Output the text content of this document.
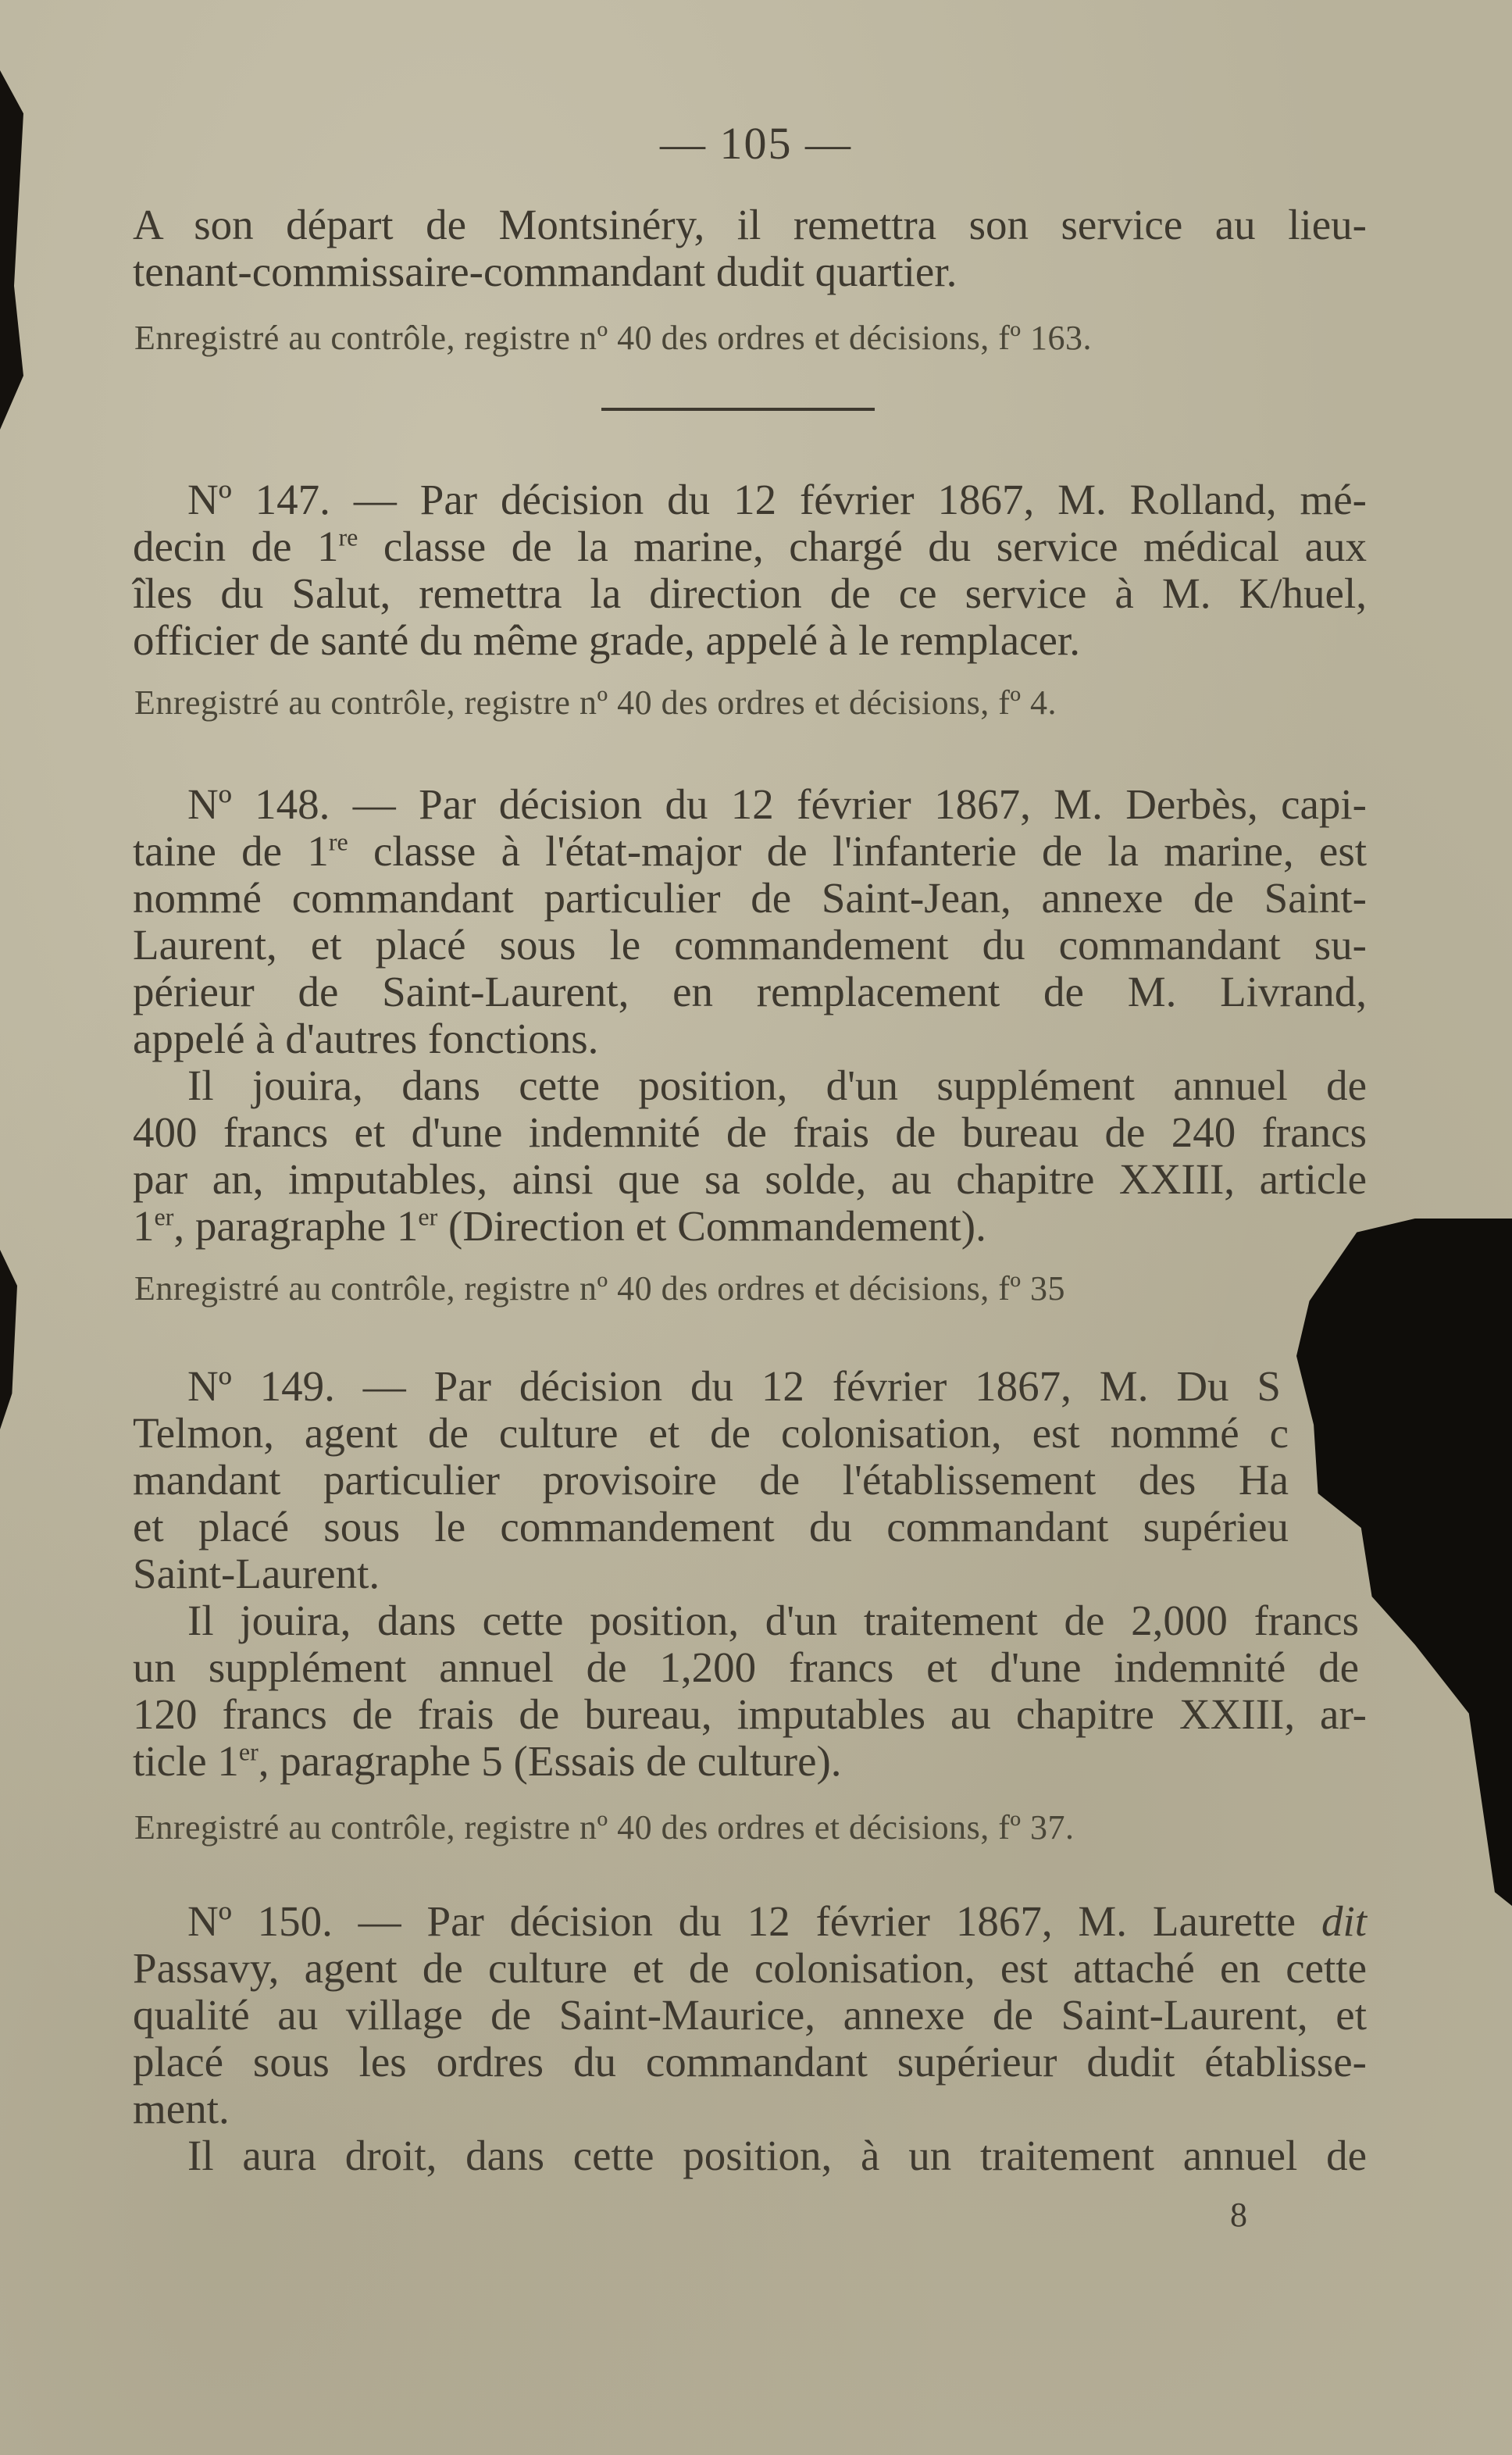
— 105 —
A son départ de Montsinéry, il remettra son service au lieu-
tenant-commissaire-commandant dudit quartier.
Enregistré au contrôle, registre nº 40 des ordres et décisions, fº 163.
Nº 147. — Par décision du 12 février 1867, M. Rolland, mé-
decin de 1re classe de la marine, chargé du service médical aux
îles du Salut, remettra la direction de ce service à M. K/huel,
officier de santé du même grade, appelé à le remplacer.
Enregistré au contrôle, registre nº 40 des ordres et décisions, fº 4.
Nº 148. — Par décision du 12 février 1867, M. Derbès, capi-
taine de 1re classe à l'état-major de l'infanterie de la marine, est
nommé commandant particulier de Saint-Jean, annexe de Saint-
Laurent, et placé sous le commandement du commandant su-
périeur de Saint-Laurent, en remplacement de M. Livrand,
appelé à d'autres fonctions.
Il jouira, dans cette position, d'un supplément annuel de
400 francs et d'une indemnité de frais de bureau de 240 francs
par an, imputables, ainsi que sa solde, au chapitre XXIII, article
1er, paragraphe 1er (Direction et Commandement).
Enregistré au contrôle, registre nº 40 des ordres et décisions, fº 35
Nº 149. — Par décision du 12 février 1867, M. Du S
Telmon, agent de culture et de colonisation, est nommé c
mandant particulier provisoire de l'établissement des Ha
et placé sous le commandement du commandant supérieu
Saint-Laurent.
Il jouira, dans cette position, d'un traitement de 2,000 francs
un supplément annuel de 1,200 francs et d'une indemnité de
120 francs de frais de bureau, imputables au chapitre XXIII, ar-
ticle 1er, paragraphe 5 (Essais de culture).
Enregistré au contrôle, registre nº 40 des ordres et décisions, fº 37.
Nº 150. — Par décision du 12 février 1867, M. Laurette dit
Passavy, agent de culture et de colonisation, est attaché en cette
qualité au village de Saint-Maurice, annexe de Saint-Laurent, et
placé sous les ordres du commandant supérieur dudit établisse-
ment.
Il aura droit, dans cette position, à un traitement annuel de
8
